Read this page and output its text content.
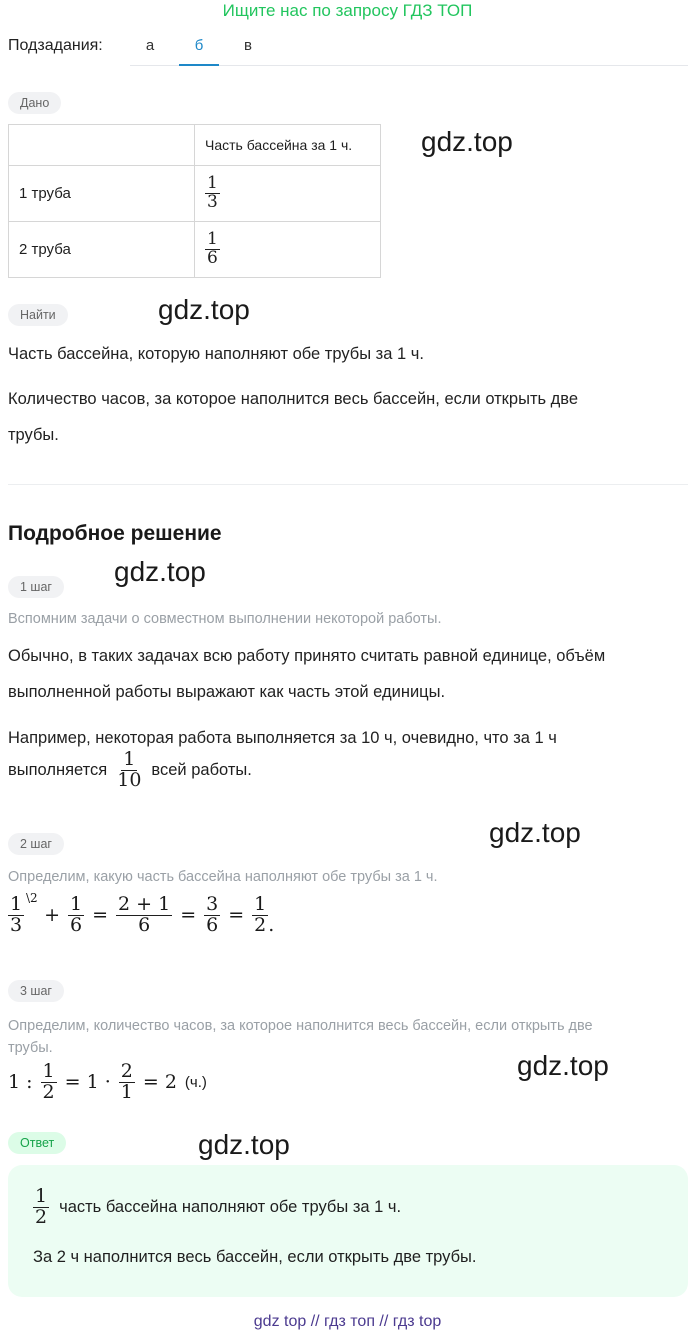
Ищите нас по запросу ГДЗ ТОП
Подзадания:	а	б	в
Дано
	Часть бассейна за 1 ч.
1 труба	$\frac{1}{3}$

2 труба	$\frac{1}{6}$
gdz.top
Найти	gdz.top
Часть бассейна, которую наполняют обе трубы за 1 ч.
Количество часов, за которое наполнится весь бассейн, если открыть две
трубы.
Подробное решение
1 шаг	gdz.top
Вспомним задачи о совместном выполнении некоторой работы.
Обычно, в таких задачах всю работу принято считать равной единице, объём
выполненной работы выражают как часть этой единицы.
Например, некоторая работа выполняется за 10 ч, очевидно, что за 1 ч
выполняется $\frac{1}{10}$ всей работы.
gdz.top
2 шаг
Определим, какую часть бассейна наполняют обе трубы за 1 ч.
$\frac{1}{3}$ \2
+ $\frac{1}{6} = \frac{2 + 1}{6} = \frac{3}{6} = \frac{1}{2}$ .
3 шаг
Определим, количество часов, за которое наполнится весь бассейн, если открыть две
трубы.
1 : $\frac{1}{2} = 1 \cdot \frac{2}{1} = 2$ (ч.)
gdz.top
Ответ	gdz.top
$\frac{1}{2}$ часть бассейна наполняют обе трубы за 1 ч.
За 2 ч наполнится весь бассейн, если открыть две трубы.
gdz top // гдз топ // гдз top
